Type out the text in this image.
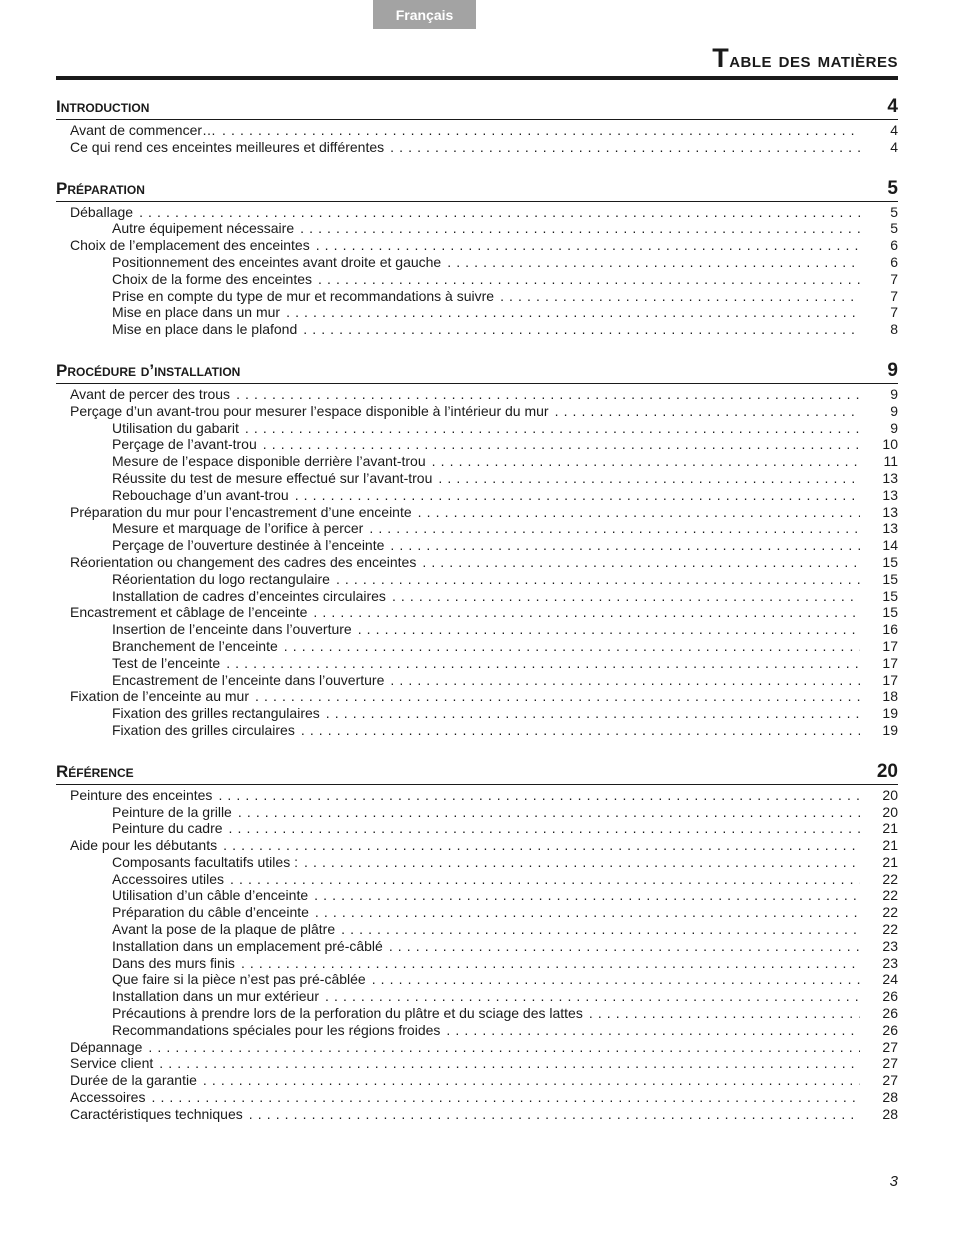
Français
Table des matières
Introduction	4
Avant de commencer… . . .	4
Ce qui rend ces enceintes meilleures et différentes . . .	4
Préparation	5
Déballage . . .	5
Autre équipement nécessaire . . .	5
Choix de l’emplacement des enceintes . . .	6
Positionnement des enceintes avant droite et gauche . . .	6
Choix de la forme des enceintes . . .	7
Prise en compte du type de mur et recommandations à suivre . . .	7
Mise en place dans un mur . . .	7
Mise en place dans le plafond . . .	8
Procédure d’installation	9
Avant de percer des trous . . .	9
Perçage d’un avant-trou pour mesurer l’espace disponible à l’intérieur du mur . . .	9
Utilisation du gabarit . . .	9
Perçage de l’avant-trou . . .	10
Mesure de l’espace disponible derrière l’avant-trou . . .	11
Réussite du test de mesure effectué sur l’avant-trou . . .	13
Rebouchage d’un avant-trou . . .	13
Préparation du mur pour l’encastrement d’une enceinte . . .	13
Mesure et marquage de l’orifice à percer . . .	13
Perçage de l’ouverture destinée à l’enceinte . . .	14
Réorientation ou changement des cadres des enceintes . . .	15
Réorientation du logo rectangulaire . . .	15
Installation de cadres d’enceintes circulaires . . .	15
Encastrement et câblage de l’enceinte . . .	15
Insertion de l’enceinte dans l’ouverture . . .	16
Branchement de l’enceinte . . .	17
Test de l’enceinte . . .	17
Encastrement de l’enceinte dans l’ouverture . . .	17
Fixation de l’enceinte au mur . . .	18
Fixation des grilles rectangulaires . . .	19
Fixation des grilles circulaires . . .	19
Référence	20
Peinture des enceintes . . .	20
Peinture de la grille . . .	20
Peinture du cadre . . .	21
Aide pour les débutants . . .	21
Composants facultatifs utiles : . . .	21
Accessoires utiles . . .	22
Utilisation d’un câble d’enceinte . . .	22
Préparation du câble d’enceinte . . .	22
Avant la pose de la plaque de plâtre . . .	22
Installation dans un emplacement pré-câblé . . .	23
Dans des murs finis . . .	23
Que faire si la pièce n’est pas pré-câblée . . .	24
Installation dans un mur extérieur . . .	26
Précautions à prendre lors de la perforation du plâtre et du sciage des lattes . . .	26
Recommandations spéciales pour les régions froides . . .	26
Dépannage . . .	27
Service client . . .	27
Durée de la garantie . . .	27
Accessoires . . .	28
Caractéristiques techniques . . .	28
3
